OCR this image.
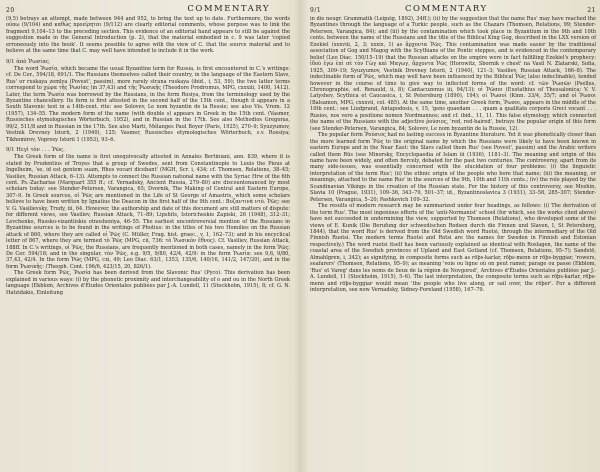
20	COMMENTARY

(9,5) betrays an attempt, made between 944 and 952, to bring the text up to date. Furthermore, the words ούπω (9/104) and καθώς προείρηται (9/112) are clearly editorial comments, whose purpose was to link the fragment 9,104–13 to the preceding section. This evidence of an editorial hand appears to still be against the suggestion made in the General Introduction (p. 2), that the material embodied in c. 9 was later 'copied erroneously into the book'. It seems possible to agree with the view of C. that the source material and to believe at the same time that C. may well have intended to include it in the work.

9/1 ἀπὸ Ῥωσίας.

The word Ῥωσία, which became the usual Byzantine term for Russia, is first encountered in C.'s writings: cf. De Cer., 594/18, 691/1. The Russians themselves called their country, in the language of the Eastern Slavs, Rus' or ruskaya zemlya (Povest', passim), more rarely strana ruskaya (ibid., i, 53, 59); the two latter terms correspond to χώρα τῆς Ῥωσίας (in 37,43) and τῆς Ῥωσικῆς (Theodore Prodromus, MPG, cxxxiii, 1400, 1412). Later, the term Ῥωσία was borrowed by the Russians, in the form Rosiya, from the terminology used by the Byzantine chancellery. Its form is first attested in the second half of the 15th cent., though it appears in a South Slavonic text in a 14th-cent. rite: see Solovev, Le nom byzantin de la Russie; see also Vis. Vrem. 12 (1957), 134–55. The modern form of the name (with double s) appears in Greek in the 15th cent. (Vasmer, Russisches etymologisches Wörterbuch, 1952), and in Russian in the 17th. See also Methodios Gregoras, 99/2, 511/8 and in Russian in the 17th. See also Marti, Mélanges Paul Boyer (Paris, 1925), 270–9; Syuzyumov, Vestnik Drevney Istorii, 2 (1940), 125; Vasmer, Russisches etymologisches Wörterbuch, s.v. Rossiya; Tikhomirov, Voprosy Istorii 1 (1953), 93–6.

9/1 Ηεγὶ τὸν . . . Ῥῶς.

The Greek form of the name is first unequivocally attested in Annales Bertiniani, ann. 839, where it is stated by Prudentius of Troyes that a group of Swedes, sent from Constantinople to Louis the Pious at Ingelheim, 'se, id est gentem suam, Rhos vocari dicebant' (MGH, Scr. i, 434; cf. Thomsen, Relations, 38–45; Vasiliev, Russian Attack, 6–13). Attempts to connect the Russian national name with the Syriac Hrw of the 6th cent. Ps.-Zacharias (Marquart 355 ff.; cf. Vernadsky, Ancient Russia, 279–80) are discountenanced by most scholars today: see Stender-Petersen, Varangica, 65; Dvornik, The Making of Central and Eastern Europe, 307–9. In Greek sources, οἱ Ῥῶς are mentioned in the Life of St George of Amastris, which some scholars believe to have been written by Ignatius the Deacon in the first half of the 9th cent.: Βυζαντινὰ ντὸ. Ῥῶς: see V. G. Vasilievsky, Trudy, iii, 64. However, the authorship and date of this document are still matters of dispute: for different views, see Vasiliev, Russian Attack, 71–89; Lipshits, Istoricheskie Zapiski, 26 (1948), 312–31; Levchenko, Russko-vizantiiskie otnosheniya, 46–55. The earliest uncontroversial mention of the Russians in Byzantine sources is to be found in the writings of Photius: in the titles of his two Homilies on the Russian attack of 860, where they are called oἱ Ῥῶς (C. Müller, Frag. hist. graec., v, 1, 162–73); and in his encyclical letter of 867, where they are termed τὸ Ῥῶς (MPG, cii, 736: τὸ Ῥωσικὸν ἔθνος). Cf. Vasiliev, Russian Attack, 188ff. In C.'s writings, οἱ Ῥῶς, the Russians, are frequently mentioned in both cases, namely in the form Ῥῶς: De Cer. 594/18; and in the singular, τὸν Ῥῶς, e.g. 9/5, 9/80, 42/4, 42/9: in the form Ῥωσία: see 9,6, 9/80, 37,43, 42/4. In the form Ῥῶς (MPG, cxi, 49; Leo Diac. 63/1, 1353, 135/6, 140/16, 141/2, 147/20), and in the form Ῥωσικῆς: (Theoph. Cont. 196/6, 423/15, 20, 826/1).

The Greek form Ῥῶς, Ῥωσία has been derived from the Slavonic Rus' (Pyco). This derivation has been explained in various ways: (i) by the phonetic proximity and interchangeability of o and ou in the North Greek language (Ekblom, Archives d'Études Orientales publiées par J.-A. Lundell, 11 (Stockholm, 1915), 8; cf. G. N. Hatzidakis, Einleitung

9/1	COMMENTARY	21

in die neugr. Grammatik (Leipzig, 1892), 34ff.); (ii) by the suggestion that the name Rus' may have reached the Byzantines through the language of a Turkic people, such as the Chazars (Thomsen, Relations, 99; Stender-Petersen, Varangica, 84); and (iii) by the contamination which took place in Byzantium in the 9th and 10th cents. between the name of the Russians and the title of the Biblical King Gog, described in the LXX version of Ezekiel (xxxviii, 2, 3; xxxix, 1) as ἄρχοντα Ῥῶς. This contamination was made easier by the traditional association of Gog and Magog with the Scythians of the Pontic steppes, and is evidenced in the contemporary belief (Leo Diac. 150/15–19) that the Russian attacks on the empire were in fact fulfilling Ezekiel's prophecy: ἰδοὺ ἐγὼ ἐπὶ σὲ τὸν Γὼγ καὶ Μαγωγ, ἄρχοντα Ῥῶς (Horowitz, Sbornik v chest' na Vasil N. Zlatarski, Sofia, 1925, 309–19; Syuzyumov, Vestnik Drevney Istorii, 2 (1940), 121–3; Vasiliev, Russian Attack, 166–8). The indeclinable form of Ῥῶς, which may well have been influenced by the Biblical Ῥῶς (also indeclinable), tended however in the course of time to give way to inflected forms of the word: cf. τῶν Ῥωσῶν (Psellus, Chronographie, ed. Renauld, ii, 8); Cantacuzenus iii, 94/13); οἱ Ῥῶσοι (Eustathius of Thessalonica: V. V. Latyshev, Scythica et Caucasica, i, St Petersburg (1890), 194); oἱ Ῥωσοὶ (Kinn. 33/4, 35/7; and oἱ Ῥωσοι (Balsamon, MPG, cxxxvii, col. 485). At the same time, another Greek form, Ῥωσοι, appears in the middle of the 10th cent.: see Liudprand, Antapodosis, v, 15, 'gens quaedam . . . quam a qualitate corporis Greci vocant . . . Rusios, nos vero a positione nomen Nordmannos; and cf. ibid., 11, 11. This false etymology, which connected the name of the Russians with the adjective ῥούσιος, 'red, red-haired', betrays the popular origin of this form (see Stender-Petersen, Varangica, 84; Solovev, Le nom byzantin de la Russie, 12).

The popular form Ῥούσιος had no lasting success in Byzantine literature. Yet it was phonetically closer than the more learned form Ῥῶς to the original name by which the Russians were likely to have been known in eastern Europe and in the Near East: the Slavs called them Rus' (see Povest', passim) and the Arabic writers called them Rūs (see Minorsky, Encyclopaedia of Islam iii (1936), 1181–3). The meaning and origin of this name have been widely, and often fiercely, debated for the past two centuries. The controversy, apart from its many side-issues, was essentially concerned with the elucidation of four problems: (i) the linguistic interpretation of the term Rus'; (ii) the ethnic origin of the people who bore that name; (iii) the meaning, or meanings, attached to the name Rus' in the sources of the 9th, 10th and 11th cents.; (iv) the role played by the Scandinavian Vikings in the creation of the Russian state. For the history of this controversy, see Moshin, Slavia 10 (Prague, 1931), 109–36, 343–79, 501–37; id., Byzantinoslavica 3 (1931), 33–58, 285–307; Stender-Petersen, Varangica, 5–20; Pashkevich 109–32.

The results of modern research may be summarized under four headings, as follows: (i) The derivation of the term Rus'. The most ingenious efforts of the 'anti-Normanist' school (for which, see the works cited above) have not succeeded in undermining the view, supported by Thomsen (Relations), who developed some of the views of E. Kunik (Die Berufung der schwedischen Rodsen durch die Finnen und Slaven, I, St Petersburg, 1844), that the word Rus' is derived from the Old Swedish word Ruotsi, through the intermediary of the Old Finnish Ruotsi. The modern terms Ruotsi and Rotsi are the names for Sweden in Finnish and Estonian respectively.) The word ruotsi itself has been variously explained as identical with Roslagen, the name of the coastal area of the Swedish provinces of Upland and East Gotland (cf. Thomsen, Relations, 95–7); Sandstö, Almahlgren, i, 342); as signifying, in composite forms such as rōþs-karlar, rōþs-menn or rōþs-byggiar, 'rowers, seafarers' (Thomsen, Relations, 95–9); as meaning 'voie ou ligne où on peut ramer, parage ou passe (Ekblom, 'Rus' et Vareg' dans les noms de lieux de la région de Novgorod', Archives d'Études Orientales publiées par J.-A. Lundell, 11 (Stockholm, 1915), 5–6). The last interpretation, the composite terms such as rōþs-karlar, rōþs-menn and rōþs-byggiar would mean 'the people who live along, or sail over, the rōþer'. For a different interpretation, see now Vernadsky, Sidney-Foreland (1958), 167–79.
